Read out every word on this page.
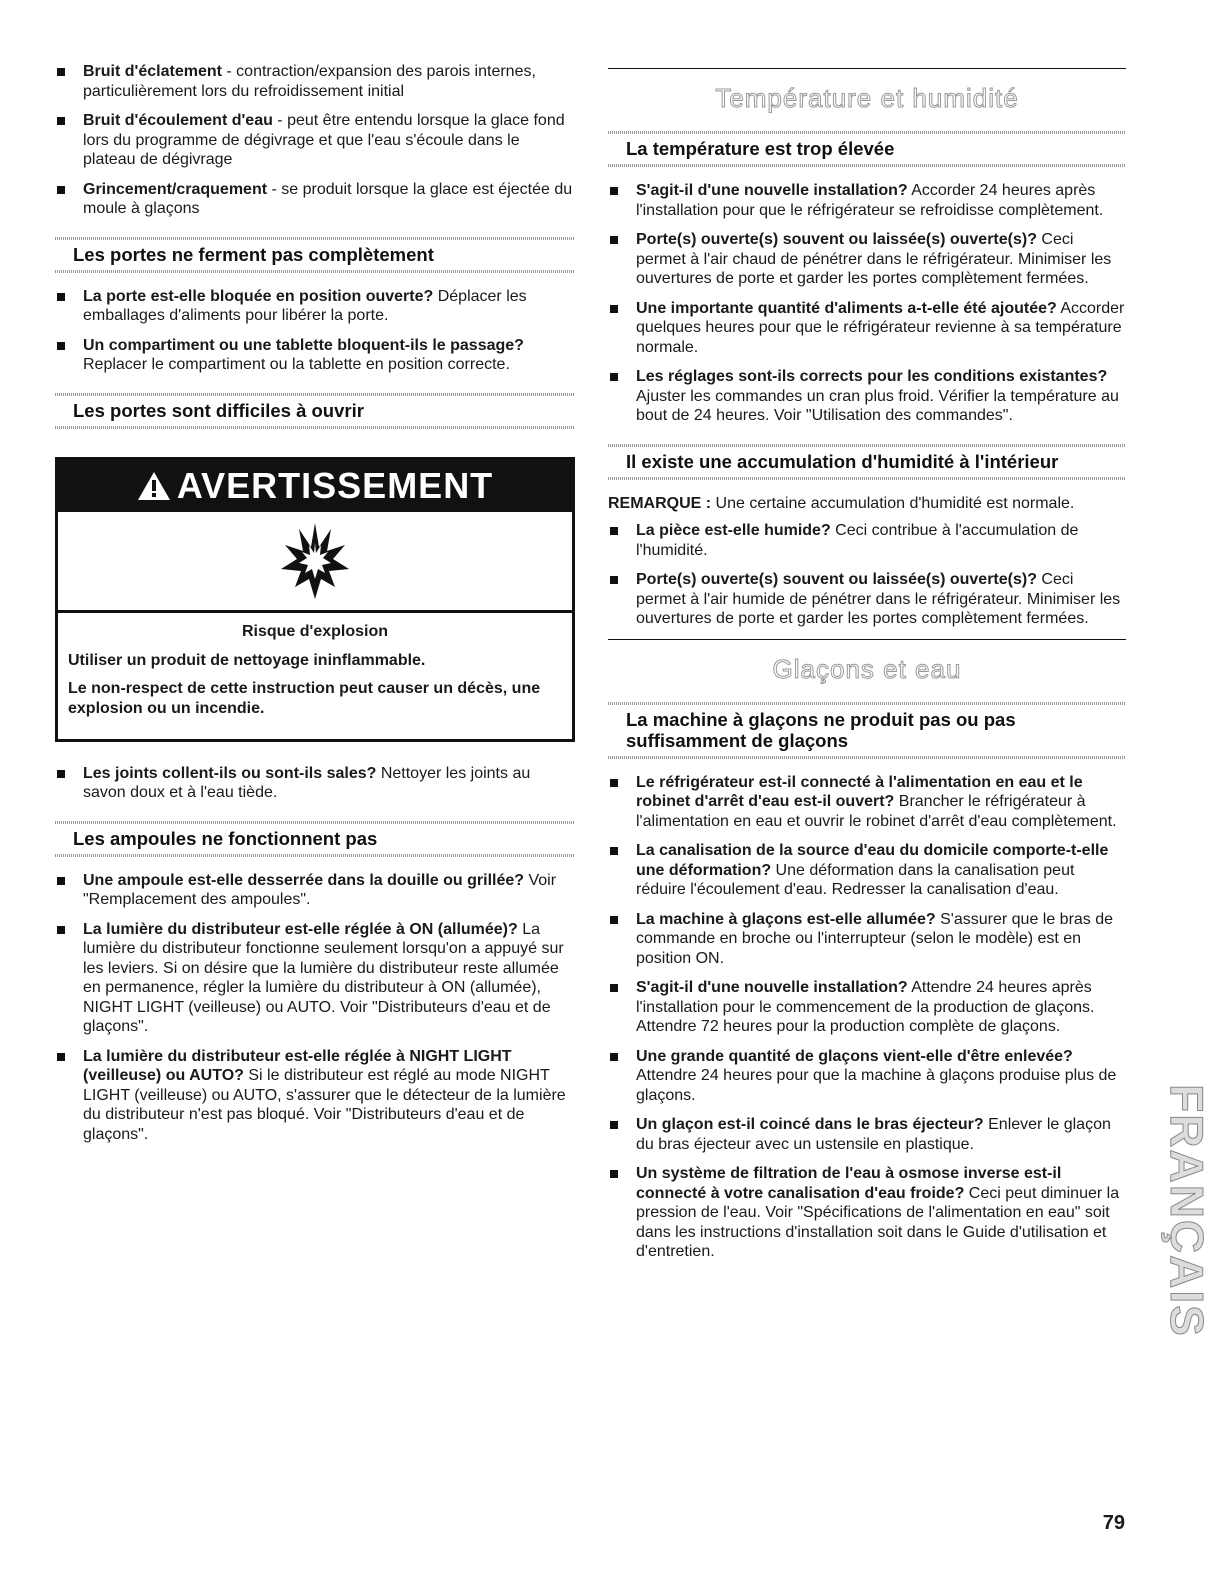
Bruit d'éclatement - contraction/expansion des parois internes, particulièrement lors du refroidissement initial
Bruit d'écoulement d'eau - peut être entendu lorsque la glace fond lors du programme de dégivrage et que l'eau s'écoule dans le plateau de dégivrage
Grincement/craquement - se produit lorsque la glace est éjectée du moule à glaçons
Les portes ne ferment pas complètement
La porte est-elle bloquée en position ouverte? Déplacer les emballages d'aliments pour libérer la porte.
Un compartiment ou une tablette bloquent-ils le passage? Replacer le compartiment ou la tablette en position correcte.
Les portes sont difficiles à ouvrir
AVERTISSEMENT
Risque d'explosion
Utiliser un produit de nettoyage ininflammable.
Le non-respect de cette instruction peut causer un décès, une explosion ou un incendie.
Les joints collent-ils ou sont-ils sales? Nettoyer les joints au savon doux et à l'eau tiède.
Les ampoules ne fonctionnent pas
Une ampoule est-elle desserrée dans la douille ou grillée? Voir "Remplacement des ampoules".
La lumière du distributeur est-elle réglée à ON (allumée)? La lumière du distributeur fonctionne seulement lorsqu'on a appuyé sur les leviers. Si on désire que la lumière du distributeur reste allumée en permanence, régler la lumière du distributeur à ON (allumée), NIGHT LIGHT (veilleuse) ou AUTO. Voir "Distributeurs d'eau et de glaçons".
La lumière du distributeur est-elle réglée à NIGHT LIGHT (veilleuse) ou AUTO? Si le distributeur est réglé au mode NIGHT LIGHT (veilleuse) ou AUTO, s'assurer que le détecteur de la lumière du distributeur n'est pas bloqué. Voir "Distributeurs d'eau et de glaçons".
Température et humidité
La température est trop élevée
S'agit-il d'une nouvelle installation? Accorder 24 heures après l'installation pour que le réfrigérateur se refroidisse complètement.
Porte(s) ouverte(s) souvent ou laissée(s) ouverte(s)? Ceci permet à l'air chaud de pénétrer dans le réfrigérateur. Minimiser les ouvertures de porte et garder les portes complètement fermées.
Une importante quantité d'aliments a-t-elle été ajoutée? Accorder quelques heures pour que le réfrigérateur revienne à sa température normale.
Les réglages sont-ils corrects pour les conditions existantes? Ajuster les commandes un cran plus froid. Vérifier la température au bout de 24 heures. Voir "Utilisation des commandes".
Il existe une accumulation d'humidité à l'intérieur
REMARQUE : Une certaine accumulation d'humidité est normale.
La pièce est-elle humide? Ceci contribue à l'accumulation de l'humidité.
Porte(s) ouverte(s) souvent ou laissée(s) ouverte(s)? Ceci permet à l'air humide de pénétrer dans le réfrigérateur. Minimiser les ouvertures de porte et garder les portes complètement fermées.
Glaçons et eau
La machine à glaçons ne produit pas ou pas suffisamment de glaçons
Le réfrigérateur est-il connecté à l'alimentation en eau et le robinet d'arrêt d'eau est-il ouvert? Brancher le réfrigérateur à l'alimentation en eau et ouvrir le robinet d'arrêt d'eau complètement.
La canalisation de la source d'eau du domicile comporte-t-elle une déformation? Une déformation dans la canalisation peut réduire l'écoulement d'eau. Redresser la canalisation d'eau.
La machine à glaçons est-elle allumée? S'assurer que le bras de commande en broche ou l'interrupteur (selon le modèle) est en position ON.
S'agit-il d'une nouvelle installation? Attendre 24 heures après l'installation pour le commencement de la production de glaçons. Attendre 72 heures pour la production complète de glaçons.
Une grande quantité de glaçons vient-elle d'être enlevée? Attendre 24 heures pour que la machine à glaçons produise plus de glaçons.
Un glaçon est-il coincé dans le bras éjecteur? Enlever le glaçon du bras éjecteur avec un ustensile en plastique.
Un système de filtration de l'eau à osmose inverse est-il connecté à votre canalisation d'eau froide? Ceci peut diminuer la pression de l'eau. Voir "Spécifications de l'alimentation en eau" soit dans les instructions d'installation soit dans le Guide d'utilisation et d'entretien.	FRANÇAIS
79
